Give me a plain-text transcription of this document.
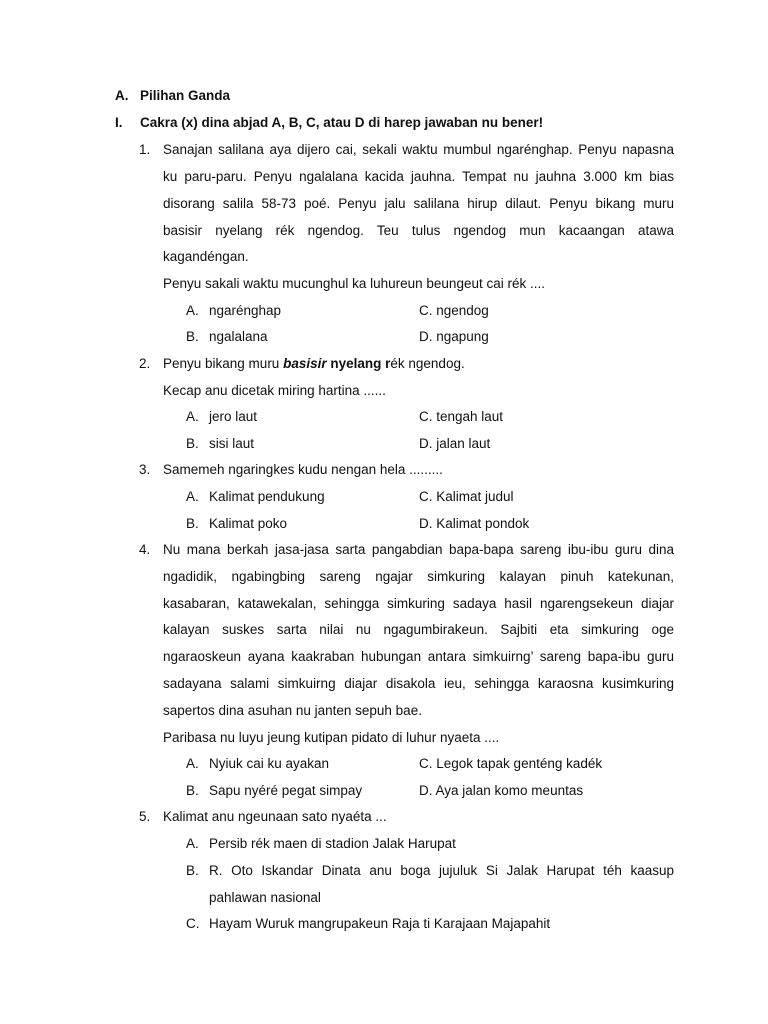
A. Pilihan Ganda
I. Cakra (x) dina abjad A, B, C, atau D di harep jawaban nu bener!
1. Sanajan salilana aya dijero cai, sekali waktu mumbul ngarénghap. Penyu napasna
ku paru-paru. Penyu ngalalana kacida jauhna. Tempat nu jauhna 3.000 km bias
disorang salila 58-73 poé. Penyu jalu salilana hirup dilaut. Penyu bikang muru
basisir nyelang rék ngendog. Teu tulus ngendog mun kacaangan atawa
kagandéngan.
Penyu sakali waktu mucunghul ka luhureun beungeut cai rék ....
A. ngarénghap	C. ngendog
B. ngalalana	D. ngapung
2. Penyu bikang muru basisir nyelang rék ngendog.
Kecap anu dicetak miring hartina ......
A. jero laut	C. tengah laut
B. sisi laut	D. jalan laut
3. Samemeh ngaringkes kudu nengan hela .........
A. Kalimat pendukung	C. Kalimat judul
B. Kalimat poko	D. Kalimat pondok
4. Nu mana berkah jasa-jasa sarta pangabdian bapa-bapa sareng ibu-ibu guru dina
ngadidik, ngabingbing sareng ngajar simkuring kalayan pinuh katekunan,
kasabaran, katawekalan, sehingga simkuring sadaya hasil ngarengsekeun diajar
kalayan suskes sarta nilai nu ngagumbirakeun. Sajbiti eta simkuring oge
ngaraoskeun ayana kaakraban hubungan antara simkuirng’ sareng bapa-ibu guru
sadayana salami simkuirng diajar disakola ieu, sehingga karaosna kusimkuring
sapertos dina asuhan nu janten sepuh bae.
Paribasa nu luyu jeung kutipan pidato di luhur nyaeta ....
A. Nyiuk cai ku ayakan	C. Legok tapak genténg kadék
B. Sapu nyéré pegat simpay	D. Aya jalan komo meuntas
5. Kalimat anu ngeunaan sato nyaéta ...
A. Persib rék maen di stadion Jalak Harupat
B. R. Oto Iskandar Dinata anu boga jujuluk Si Jalak Harupat téh kaasup
pahlawan nasional
C. Hayam Wuruk mangrupakeun Raja ti Karajaan Majapahit
